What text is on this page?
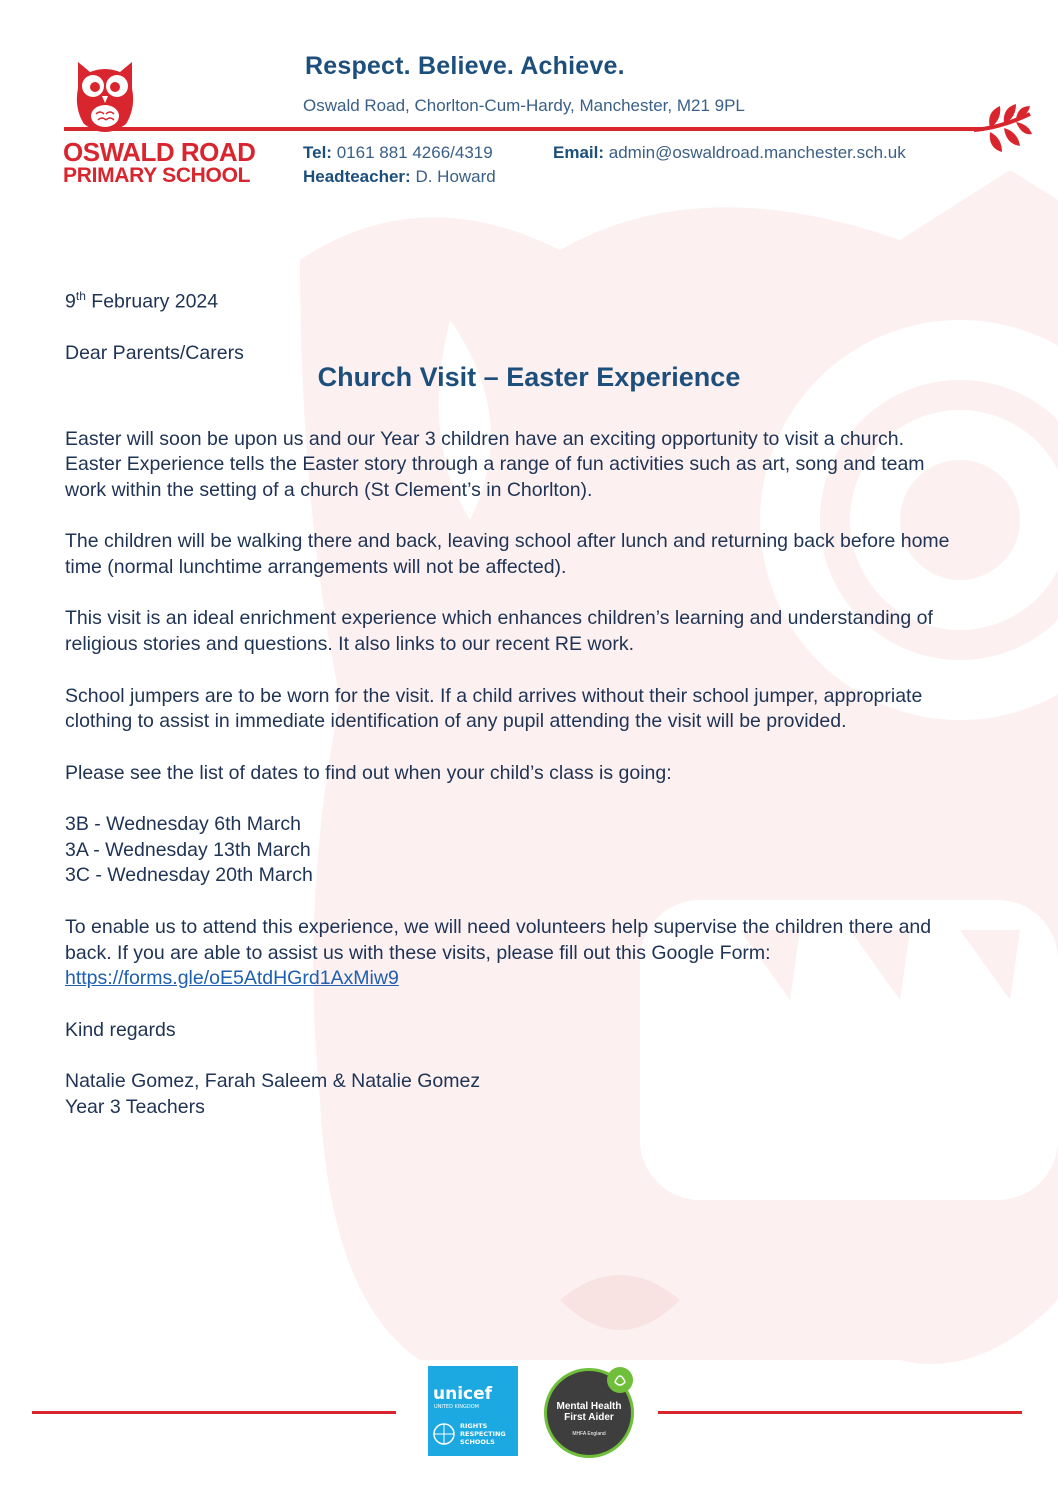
OSWALD ROAD
PRIMARY SCHOOL
Respect. Believe. Achieve.
Oswald Road, Chorlton-Cum-Hardy, Manchester, M21 9PL
Tel: 0161 881 4266/4319	Email: admin@oswaldroad.manchester.sch.uk
Headteacher: D. Howard
Church Visit – Easter Experience

9th February 2024

Dear Parents/Carers

Easter will soon be upon us and our Year 3 children have an exciting opportunity to visit a church. Easter Experience tells the Easter story through a range of fun activities such as art, song and team work within the setting of a church (St Clement’s in Chorlton).

The children will be walking there and back, leaving school after lunch and returning back before home time (normal lunchtime arrangements will not be affected).

This visit is an ideal enrichment experience which enhances children’s learning and understanding of religious stories and questions. It also links to our recent RE work.

School jumpers are to be worn for the visit. If a child arrives without their school jumper, appropriate clothing to assist in immediate identification of any pupil attending the visit will be provided.

Please see the list of dates to find out when your child’s class is going:

3B - Wednesday 6th March
3A - Wednesday 13th March
3C - Wednesday 20th March

To enable us to attend this experience, we will need volunteers help supervise the children there and back. If you are able to assist us with these visits, please fill out this Google Form:
https://forms.gle/oE5AtdHGrd1AxMiw9

Kind regards

Natalie Gomez, Farah Saleem & Natalie Gomez
Year 3 Teachers

unicef
UNITED KINGDOM
RIGHTS
RESPECTING
SCHOOLS
Mental Health
First Aider
MHFA England
